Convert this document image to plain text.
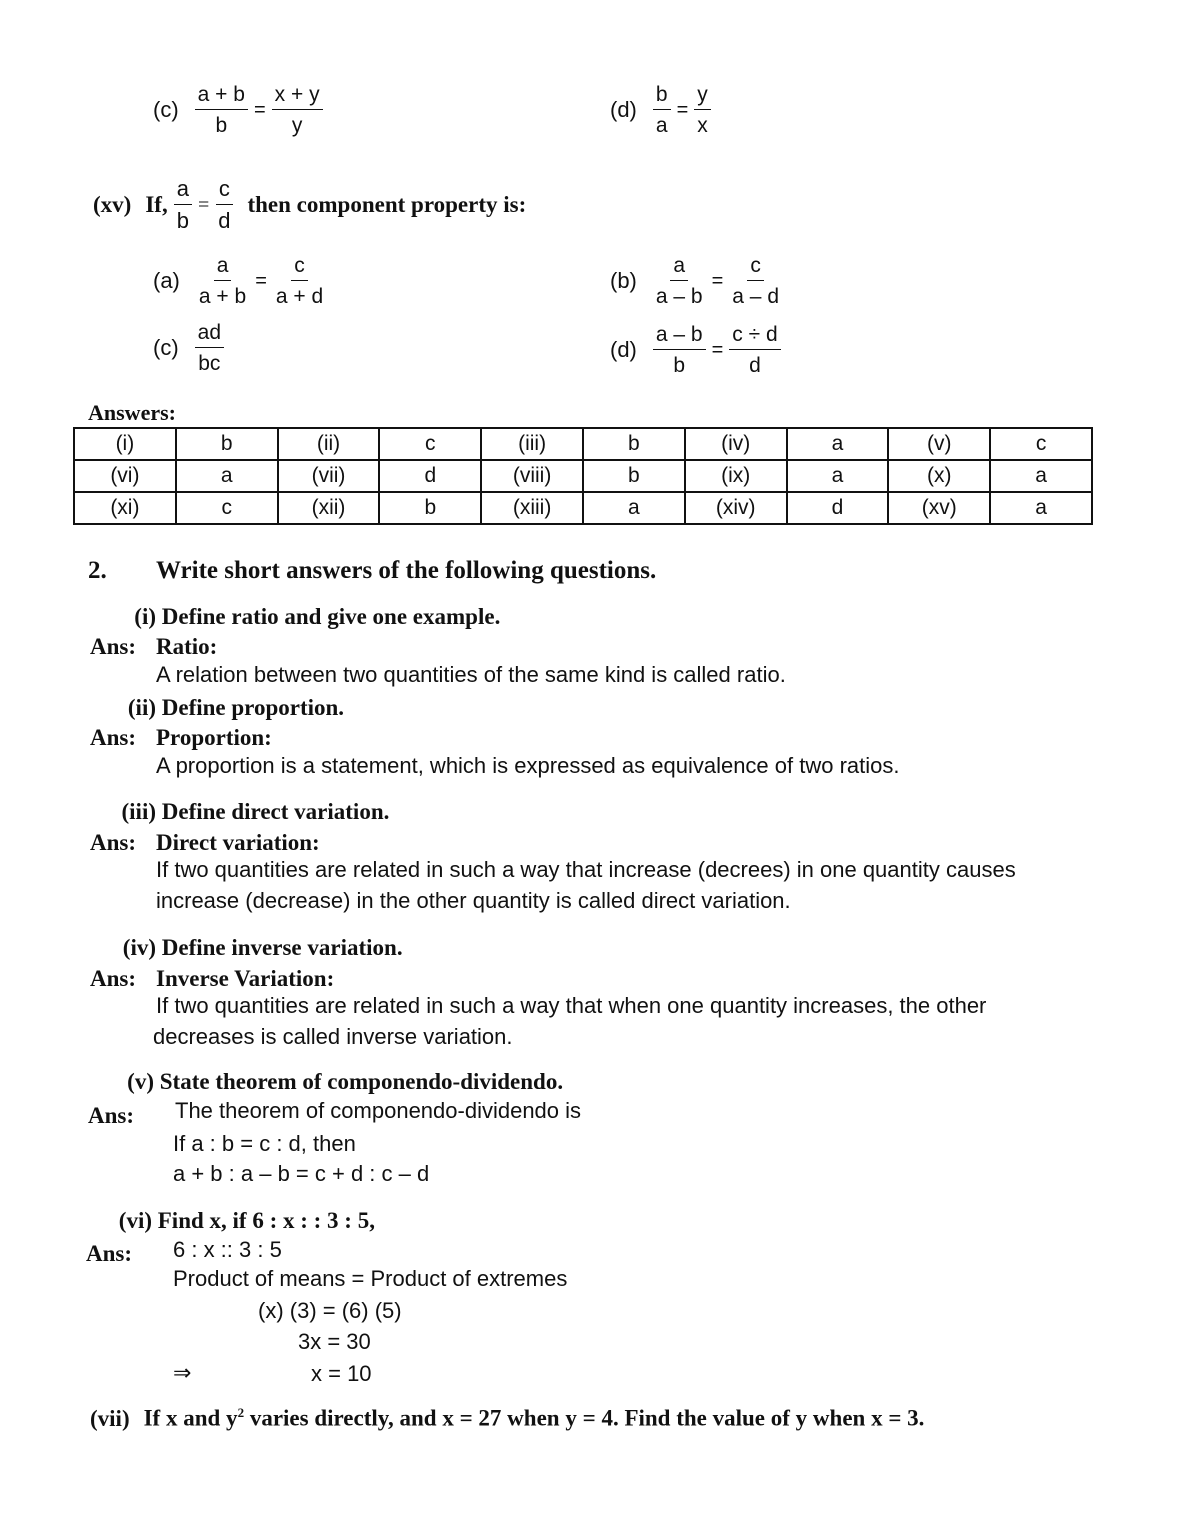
$(c) \frac{a + b}{b} = \frac{x + y}{y}$	$(d) \frac{b}{a} = \frac{y}{x}$
(xv) If, $\frac{a}{b} = \frac{c}{d}$ then component property is:
$(a) \frac{a}{a + b} = \frac{c}{a + d}$	$(b) \frac{a}{a - b} = \frac{c}{a - d}$
$(c) \frac{ad}{bc}$	$(d) \frac{a - b}{b} = \frac{c \div d}{d}$
Answers:
(i)	b	(ii)	c	(iii)	b	(iv)	a	(v)	c
(vi)	a	(vii)	d	(viii)	b	(ix)	a	(x)	a
(xi)	c	(xii)	b	(xiii)	a	(xiv)	d	(xv)	a
2. Write short answers of the following questions.
(i) Define ratio and give one example.
Ans: Ratio:
A relation between two quantities of the same kind is called ratio.
(ii) Define proportion.
Ans: Proportion:
A proportion is a statement, which is expressed as equivalence of two ratios.
(iii) Define direct variation.
Ans: Direct variation:
If two quantities are related in such a way that increase (decrees) in one quantity causes
increase (decrease) in the other quantity is called direct variation.
(iv) Define inverse variation.
Ans: Inverse Variation:
If two quantities are related in such a way that when one quantity increases, the other
decreases is called inverse variation.
(v) State theorem of componendo-dividendo.
Ans: The theorem of componendo-dividendo is
If a : b = c : d, then
a + b : a – b = c + d : c – d
(vi) Find x, if 6 : x : : 3 : 5,
Ans: 6 : x :: 3 : 5
Product of means = Product of extremes
(x) (3) = (6) (5)
3x = 30
⇒	x = 10
(vii) If x and $y^2$ varies directly, and x = 27 when y = 4. Find the value of y when x = 3.
